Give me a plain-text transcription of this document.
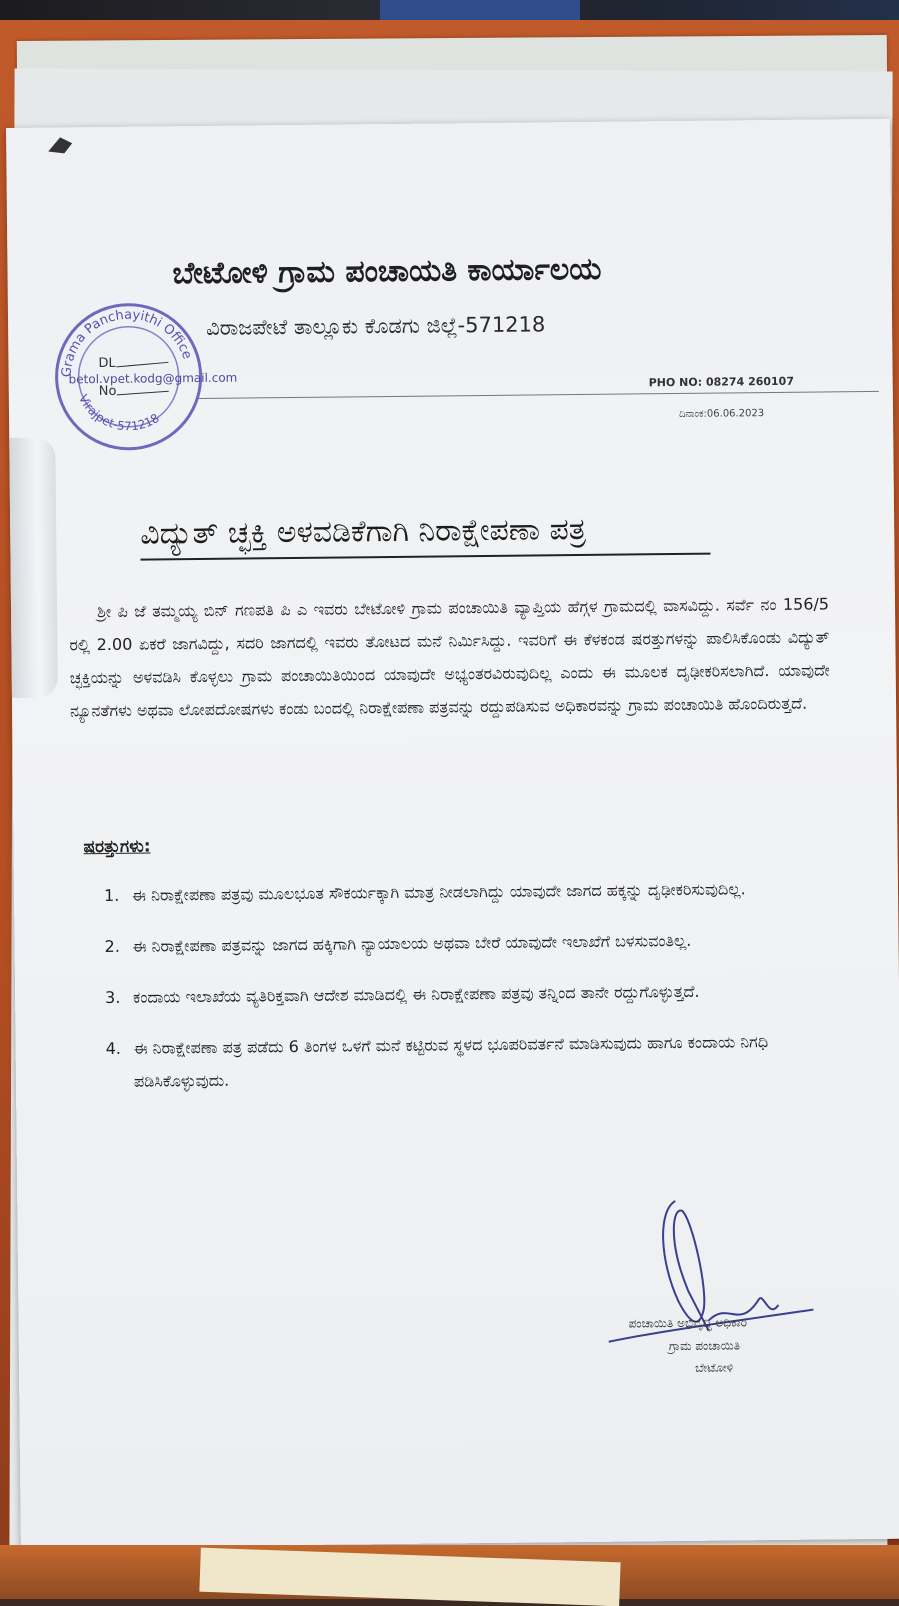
ಬೇಟೋಳಿ ಗ್ರಾಮ ಪಂಚಾಯತಿ ಕಾರ್ಯಾಲಯ
ವಿರಾಜಪೇಟೆ ತಾಲ್ಲೂಕು ಕೊಡಗು ಜಿಲ್ಲೆ-571218
betol.vpet.kodg@gmail.com	PHO NO: 08274 260107
ದಿನಾಂಕ:06.06.2023
Grama Panchayithi Office
Virajpet-571218
DL
No
ವಿದ್ಯುತ್ ಚ್ಛಕ್ತಿ ಅಳವಡಿಕೆಗಾಗಿ ನಿರಾಕ್ಷೇಪಣಾ ಪತ್ರ
ಶ್ರೀ ಪಿ ಜೆ ತಮ್ಮಯ್ಯ ಬಿನ್ ಗಣಪತಿ ಪಿ ಎ ಇವರು ಬೇಟೋಳಿ ಗ್ರಾಮ ಪಂಚಾಯಿತಿ ವ್ಯಾಪ್ತಿಯ ಹೆಗ್ಗಳ ಗ್ರಾಮದಲ್ಲಿ ವಾಸವಿದ್ದು. ಸರ್ವೆ ನಂ 156/5 ರಲ್ಲಿ 2.00 ಏಕರೆ ಜಾಗವಿದ್ದು, ಸದರಿ ಜಾಗದಲ್ಲಿ ಇವರು ತೋಟದ ಮನೆ ನಿರ್ಮಿಸಿದ್ದು. ಇವರಿಗೆ ಈ ಕೆಳಕಂಡ ಷರತ್ತುಗಳನ್ನು ಪಾಲಿಸಿಕೊಂಡು ವಿದ್ಯುತ್ ಚ್ಛಕ್ತಿಯನ್ನು ಅಳವಡಿಸಿ ಕೊಳ್ಳಲು ಗ್ರಾಮ ಪಂಚಾಯಿತಿಯಿಂದ ಯಾವುದೇ ಅಭ್ಯಂತರವಿರುವುದಿಲ್ಲ ಎಂದು ಈ ಮೂಲಕ ದೃಢೀಕರಿಸಲಾಗಿದೆ. ಯಾವುದೇ ನ್ಯೂನತೆಗಳು ಅಥವಾ ಲೋಪದೋಷಗಳು ಕಂಡು ಬಂದಲ್ಲಿ ನಿರಾಕ್ಷೇಪಣಾ ಪತ್ರವನ್ನು ರದ್ದುಪಡಿಸುವ ಅಧಿಕಾರವನ್ನು ಗ್ರಾಮ ಪಂಚಾಯಿತಿ ಹೊಂದಿರುತ್ತದೆ.
ಷರತ್ತುಗಳು:
1. ಈ ನಿರಾಕ್ಷೇಪಣಾ ಪತ್ರವು ಮೂಲಭೂತ ಸೌಕರ್ಯಕ್ಕಾಗಿ ಮಾತ್ರ ನೀಡಲಾಗಿದ್ದು ಯಾವುದೇ ಜಾಗದ ಹಕ್ಕನ್ನು ದೃಢೀಕರಿಸುವುದಿಲ್ಲ.
2. ಈ ನಿರಾಕ್ಷೇಪಣಾ ಪತ್ರವನ್ನು ಜಾಗದ ಹಕ್ಕಿಗಾಗಿ ನ್ಯಾಯಾಲಯ ಅಥವಾ ಬೇರೆ ಯಾವುದೇ ಇಲಾಖೆಗೆ ಬಳಸುವಂತಿಲ್ಲ.
3. ಕಂದಾಯ ಇಲಾಖೆಯ ವ್ಯತಿರಿಕ್ತವಾಗಿ ಆದೇಶ ಮಾಡಿದಲ್ಲಿ ಈ ನಿರಾಕ್ಷೇಪಣಾ ಪತ್ರವು ತನ್ನಿಂದ ತಾನೇ ರದ್ದುಗೊಳ್ಳುತ್ತದೆ.
4. ಈ ನಿರಾಕ್ಷೇಪಣಾ ಪತ್ರ ಪಡೆದು 6 ತಿಂಗಳ ಒಳಗೆ ಮನೆ ಕಟ್ಟಿರುವ ಸ್ಥಳದ ಭೂಪರಿವರ್ತನೆ ಮಾಡಿಸುವುದು ಹಾಗೂ ಕಂದಾಯ ನಿಗಧಿ ಪಡಿಸಿಕೊಳ್ಳುವುದು.
ಪಂಚಾಯಿತಿ ಅಭಿವೃದ್ಧಿ ಅಧಿಕಾರಿ
ಗ್ರಾಮ ಪಂಚಾಯಿತಿ
ಬೇಟೋಳಿ
